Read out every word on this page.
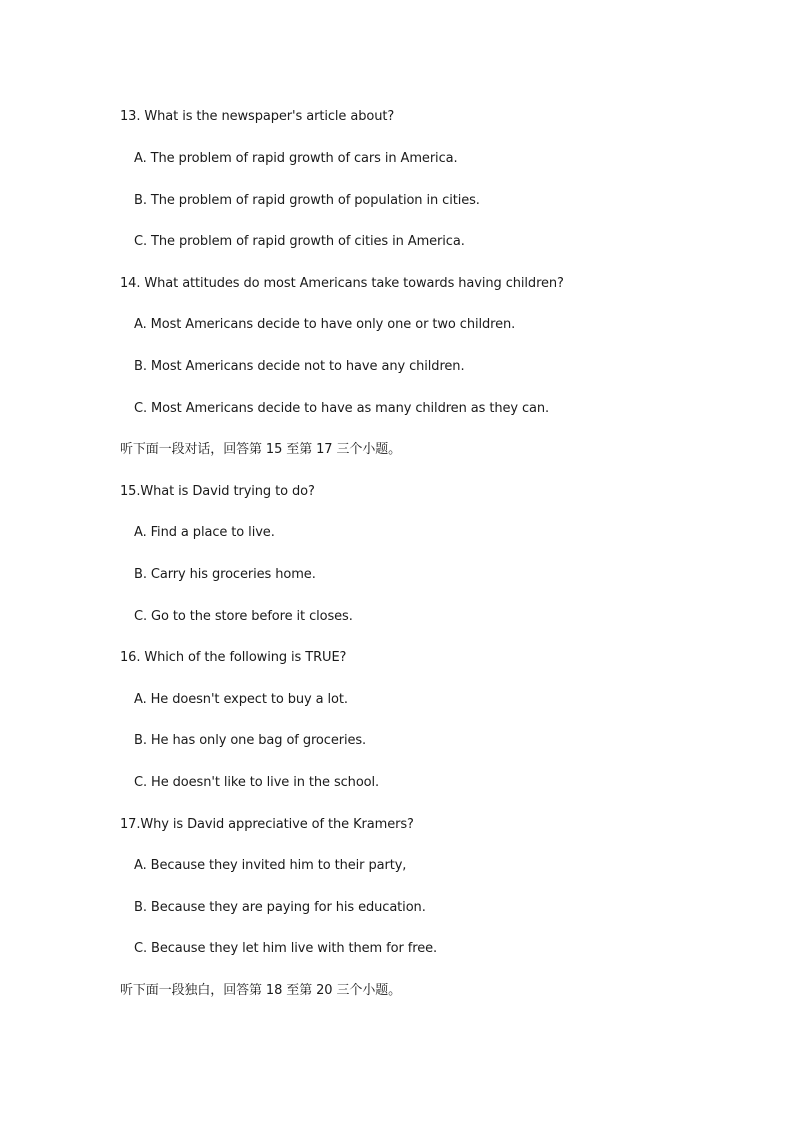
13. What is the newspaper's article about?
A. The problem of rapid growth of cars in America.
B. The problem of rapid growth of population in cities.
C. The problem of rapid growth of cities in America.
14. What attitudes do most Americans take towards having children?
A. Most Americans decide to have only one or two children.
B. Most Americans decide not to have any children.
C. Most Americans decide to have as many children as they can.
听下面一段对话，回答第 15 至第 17 三个小题。
15.What is David trying to do?
A. Find a place to live.
B. Carry his groceries home.
C. Go to the store before it closes.
16. Which of the following is TRUE?
A. He doesn't expect to buy a lot.
B. He has only one bag of groceries.
C. He doesn't like to live in the school.
17.Why is David appreciative of the Kramers?
A. Because they invited him to their party,
B. Because they are paying for his education.
C. Because they let him live with them for free.
听下面一段独白，回答第 18 至第 20 三个小题。
